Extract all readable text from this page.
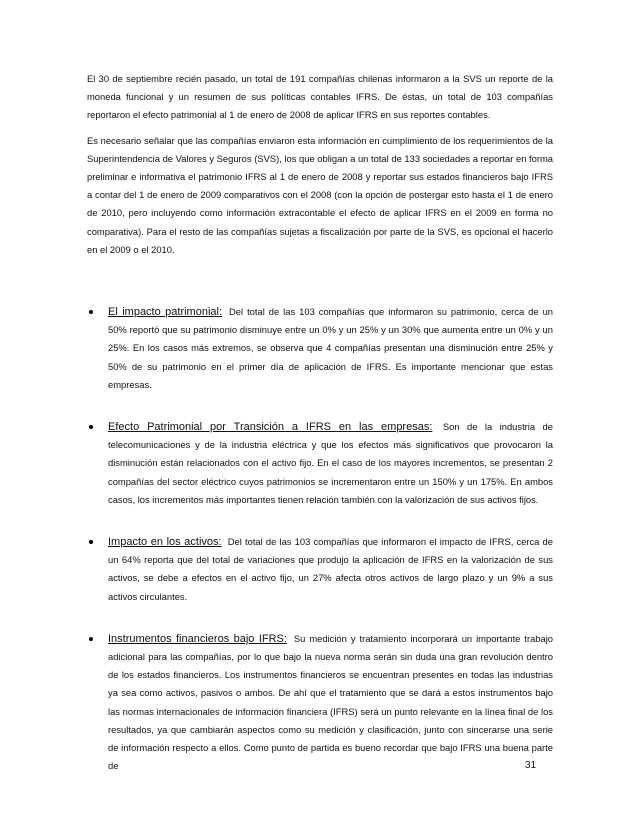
El 30 de septiembre recién pasado, un total de 191 compañías chilenas informaron a la SVS un reporte de la moneda funcional y un resumen de sus políticas contables IFRS. De éstas, un total de 103 compañías reportaron el efecto patrimonial al 1 de enero de 2008 de aplicar IFRS en sus reportes contables.

Es necesario señalar que las compañías enviaron esta información en cumplimiento de los requerimientos de la Superintendencia de Valores y Seguros (SVS), los que obligan a un total de 133 sociedades a reportar en forma preliminar e informativa el patrimonio IFRS al 1 de enero de 2008 y reportar sus estados financieros bajo IFRS a contar del 1 de enero de 2009 comparativos con el 2008 (con la opción de postergar esto hasta el 1 de enero de 2010, pero incluyendo como información extracontable el efecto de aplicar IFRS en el 2009 en forma no comparativa). Para el resto de las compañías sujetas a fiscalización por parte de la SVS, es opcional el hacerlo en el 2009 o el 2010.

El impacto patrimonial: Del total de las 103 compañías que informaron su patrimonio, cerca de un 50% reportó que su patrimonio disminuye entre un 0% y un 25% y un 30% que aumenta entre un 0% y un 25%. En los casos más extremos, se observa que 4 compañías presentan una disminución entre 25% y 50% de su patrimonio en el primer día de aplicación de IFRS. Es importante mencionar que estas empresas.
Efecto Patrimonial por Transición a IFRS en las empresas: Son de la industria de telecomunicaciones y de la industria eléctrica y que los efectos más significativos que provocaron la disminución están relacionados con el activo fijo. En el caso de los mayores incrementos, se presentan 2 compañías del sector eléctrico cuyos patrimonios se incrementaron entre un 150% y un 175%. En ambos casos, los incrementos más importantes tienen relación también con la valorización de sus activos fijos.
Impacto en los activos: Del total de las 103 compañías que informaron el impacto de IFRS, cerca de un 64% reporta que del total de variaciones que produjo la aplicación de IFRS en la valorización de sus activos, se debe a efectos en el activo fijo, un 27% afecta otros activos de largo plazo y un 9% a sus activos circulantes.
Instrumentos financieros bajo IFRS: Su medición y tratamiento incorporará un importante trabajo adicional para las compañías, por lo que bajo la nueva norma serán sin duda una gran revolución dentro de los estados financieros. Los instrumentos financieros se encuentran presentes en todas las industrias ya sea como activos, pasivos o ambos. De ahí que el tratamiento que se dará a estos instrumentos bajo las normas internacionales de información financiera (IFRS) será un punto relevante en la línea final de los resultados, ya que cambiarán aspectos como su medición y clasificación, junto con sincerarse una serie de información respecto a ellos. Como punto de partida es bueno recordar que bajo IFRS una buena parte de	31
